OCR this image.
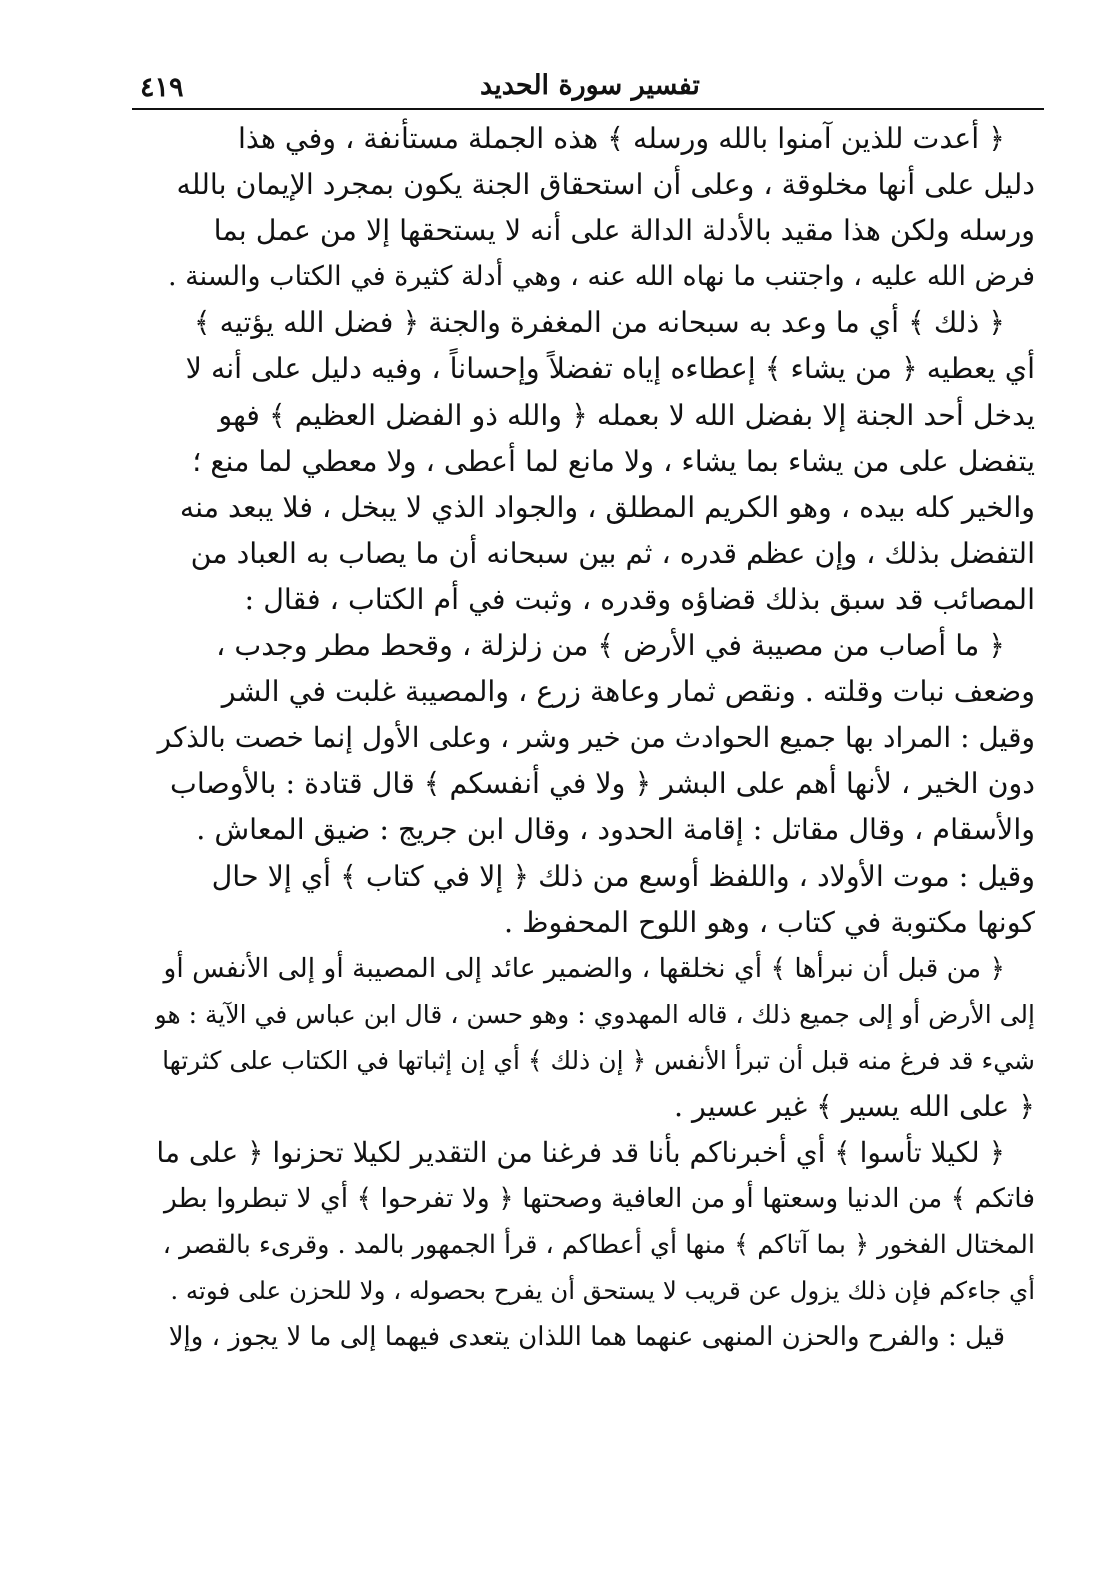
٤١٩	تفسير سورة الحديد
﴿ أعدت للذين آمنوا بالله ورسله ﴾ هذه الجملة مستأنفة ، وفي هذا
دليل على أنها مخلوقة ، وعلى أن استحقاق الجنة يكون بمجرد الإيمان بالله
ورسله ولكن هذا مقيد بالأدلة الدالة على أنه لا يستحقها إلا من عمل بما
فرض الله عليه ، واجتنب ما نهاه الله عنه ، وهي أدلة كثيرة في الكتاب والسنة .
﴿ ذلك ﴾ أي ما وعد به سبحانه من المغفرة والجنة ﴿ فضل الله يؤتيه ﴾
أي يعطيه ﴿ من يشاء ﴾ إعطاءه إياه تفضلاً وإحساناً ، وفيه دليل على أنه لا
يدخل أحد الجنة إلا بفضل الله لا بعمله ﴿ والله ذو الفضل العظيم ﴾ فهو
يتفضل على من يشاء بما يشاء ، ولا مانع لما أعطى ، ولا معطي لما منع ؛
والخير كله بيده ، وهو الكريم المطلق ، والجواد الذي لا يبخل ، فلا يبعد منه
التفضل بذلك ، وإن عظم قدره ، ثم بين سبحانه أن ما يصاب به العباد من
المصائب قد سبق بذلك قضاؤه وقدره ، وثبت في أم الكتاب ، فقال :
﴿ ما أصاب من مصيبة في الأرض ﴾ من زلزلة ، وقحط مطر وجدب ،
وضعف نبات وقلته . ونقص ثمار وعاهة زرع ، والمصيبة غلبت في الشر
وقيل : المراد بها جميع الحوادث من خير وشر ، وعلى الأول إنما خصت بالذكر
دون الخير ، لأنها أهم على البشر ﴿ ولا في أنفسكم ﴾ قال قتادة : بالأوصاب
والأسقام ، وقال مقاتل : إقامة الحدود ، وقال ابن جريج : ضيق المعاش .
وقيل : موت الأولاد ، واللفظ أوسع من ذلك ﴿ إلا في كتاب ﴾ أي إلا حال
كونها مكتوبة في كتاب ، وهو اللوح المحفوظ .
﴿ من قبل أن نبرأها ﴾ أي نخلقها ، والضمير عائد إلى المصيبة أو إلى الأنفس أو
إلى الأرض أو إلى جميع ذلك ، قاله المهدوي : وهو حسن ، قال ابن عباس في الآية : هو
شيء قد فرغ منه قبل أن تبرأ الأنفس ﴿ إن ذلك ﴾ أي إن إثباتها في الكتاب على كثرتها
﴿ على الله يسير ﴾ غير عسير .
﴿ لكيلا تأسوا ﴾ أي أخبرناكم بأنا قد فرغنا من التقدير لكيلا تحزنوا ﴿ على ما
فاتكم ﴾ من الدنيا وسعتها أو من العافية وصحتها ﴿ ولا تفرحوا ﴾ أي لا تبطروا بطر
المختال الفخور ﴿ بما آتاكم ﴾ منها أي أعطاكم ، قرأ الجمهور بالمد . وقرىء بالقصر ،
أي جاءكم فإن ذلك يزول عن قريب لا يستحق أن يفرح بحصوله ، ولا للحزن على فوته .
قيل : والفرح والحزن المنهى عنهما هما اللذان يتعدى فيهما إلى ما لا يجوز ، وإلا
